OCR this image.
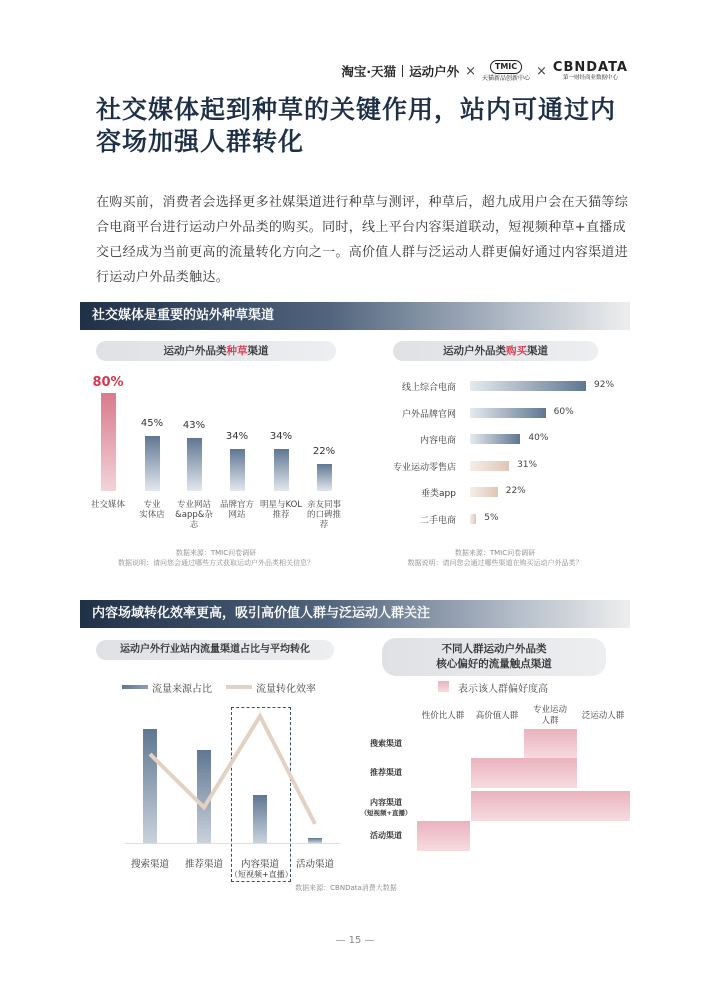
淘宝·天猫 运动户外 ×	TMIC
天猫新品创新中心 × CBNDATA
第一财经商业数据中心
社交媒体起到种草的关键作用，站内可通过内容场加强人群转化

在购买前，消费者会选择更多社媒渠道进行种草与测评，种草后，超九成用户会在天猫等综合电商平台进行运动户外品类的购买。同时，线上平台内容渠道联动，短视频种草+直播成交已经成为当前更高的流量转化方向之一。高价值人群与泛运动人群更偏好通过内容渠道进行运动户外品类触达。

社交媒体是重要的站外种草渠道
运动户外品类种草渠道	运动户外品类购买渠道
80%
社交媒体
45%
专业
实体店
43%
专业网站
&app&杂
志
34%
品牌官方
网站
34%
明星与KOL
推荐
22%
亲友同事
的口碑推
荐
线上综合电商	92%
户外品牌官网	60%
内容电商	40%
专业运动零售店	31%
垂类app	22%
二手电商	5%
数据来源：TMIC问卷调研
数据说明：请问您会通过哪些方式获取运动户外品类相关信息？
数据来源：TMIC问卷调研
数据说明：请问您会通过哪些渠道在购买运动户外品类？
内容场域转化效率更高，吸引高价值人群与泛运动人群关注
运动户外行业站内流量渠道占比与平均转化
流量来源占比	流量转化效率
搜索渠道	推荐渠道	内容渠道
（短视频+直播）
活动渠道
数据来源：CBNData消费大数据
不同人群运动户外品类
核心偏好的流量触点渠道
表示该人群偏好度高
性价比人群	高价值人群
专业运动
人群	泛运动人群
搜索渠道
推荐渠道
内容渠道
（短视频+直播）
活动渠道
— 15 —
